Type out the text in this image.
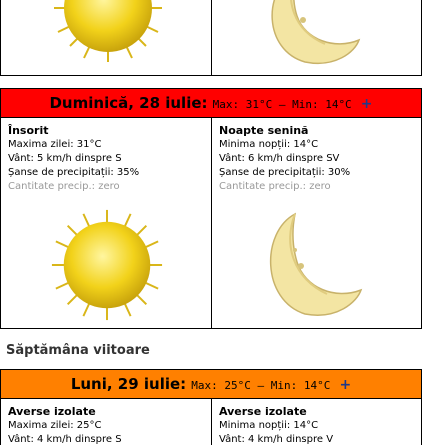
Duminică, 28 iulie: Max: 31°C – Min: 14°C +
Însorit
Maxima zilei: 31°C
Vânt: 5 km/h dinspre S
Șanse de precipitații: 35%
Cantitate precip.: zero
Noapte senină
Minima nopții: 14°C
Vânt: 6 km/h dinspre SV
Șanse de precipitații: 30%
Cantitate precip.: zero
Săptămâna viitoare
Luni, 29 iulie: Max: 25°C – Min: 14°C +
Averse izolate
Maxima zilei: 25°C
Vânt: 4 km/h dinspre S
Averse izolate
Minima nopții: 14°C
Vânt: 4 km/h dinspre V
